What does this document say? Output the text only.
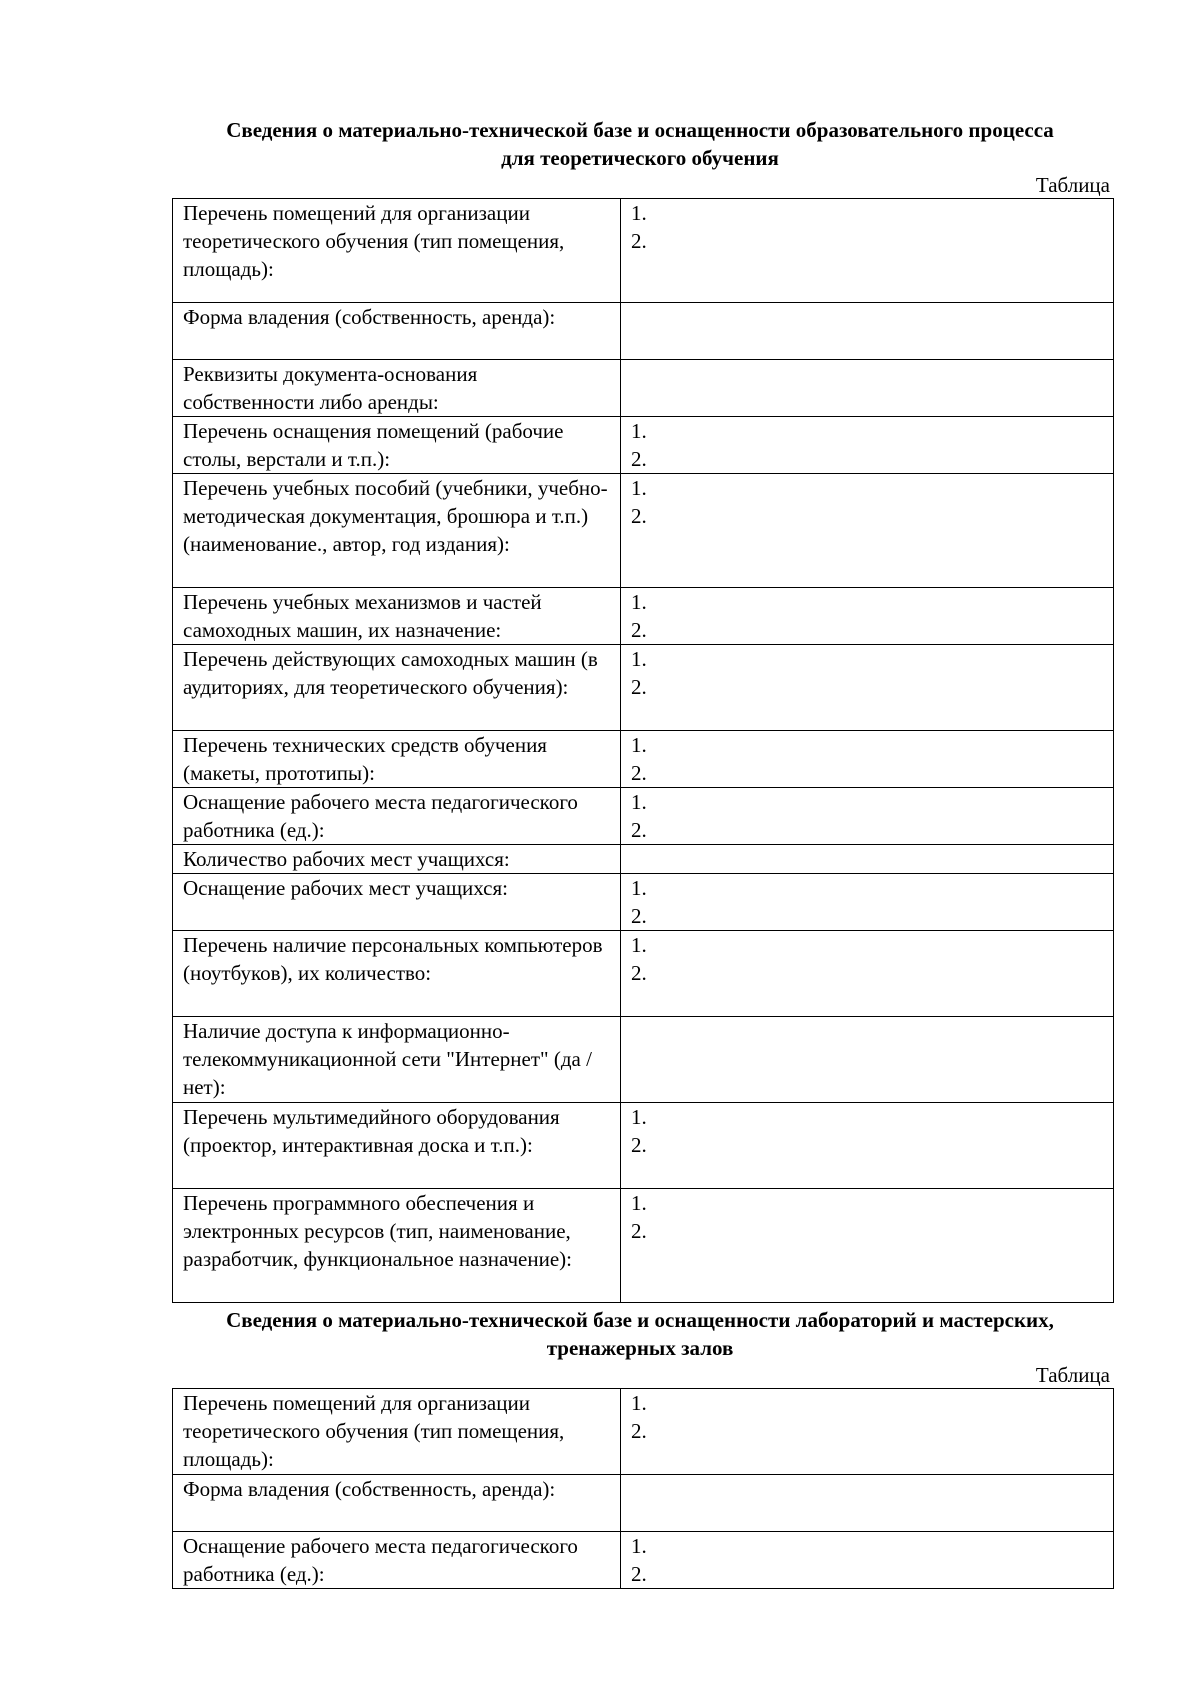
Сведения о материально-технической базе и оснащенности образовательного процесса
для теоретического обучения
Таблица
Перечень помещений для организации теоретического обучения (тип помещения, площадь):	1.
2.

Форма владения (собственность, аренда):	
Реквизиты документа-основания собственности либо аренды:	
Перечень оснащения помещений (рабочие столы, верстали и т.п.):	1.
2.

Перечень учебных пособий (учебники, учебно-методическая документация, брошюра и т.п.) (наименование., автор, год издания):	1.
2.

Перечень учебных механизмов и частей самоходных машин, их назначение:	1.
2.

Перечень действующих самоходных машин (в аудиториях, для теоретического обучения):	1.
2.

Перечень технических средств обучения (макеты, прототипы):	1.
2.

Оснащение рабочего места педагогического работника (ед.):	1.
2.

Количество рабочих мест учащихся:	
Оснащение рабочих мест учащихся:	1.
2.

Перечень наличие персональных компьютеров (ноутбуков), их количество:	1.
2.

Наличие доступа к информационно-телекоммуникационной сети "Интернет" (да /нет):	
Перечень мультимедийного оборудования (проектор, интерактивная доска и т.п.):	1.
2.

Перечень программного обеспечения и электронных ресурсов (тип, наименование, разработчик, функциональное назначение):	1.
2.
Сведения о материально-технической базе и оснащенности лабораторий и мастерских,
тренажерных залов
Таблица
Перечень помещений для организации теоретического обучения (тип помещения, площадь):	1.
2.

Форма владения (собственность, аренда):	
Оснащение рабочего места педагогического работника (ед.):	1.
2.
